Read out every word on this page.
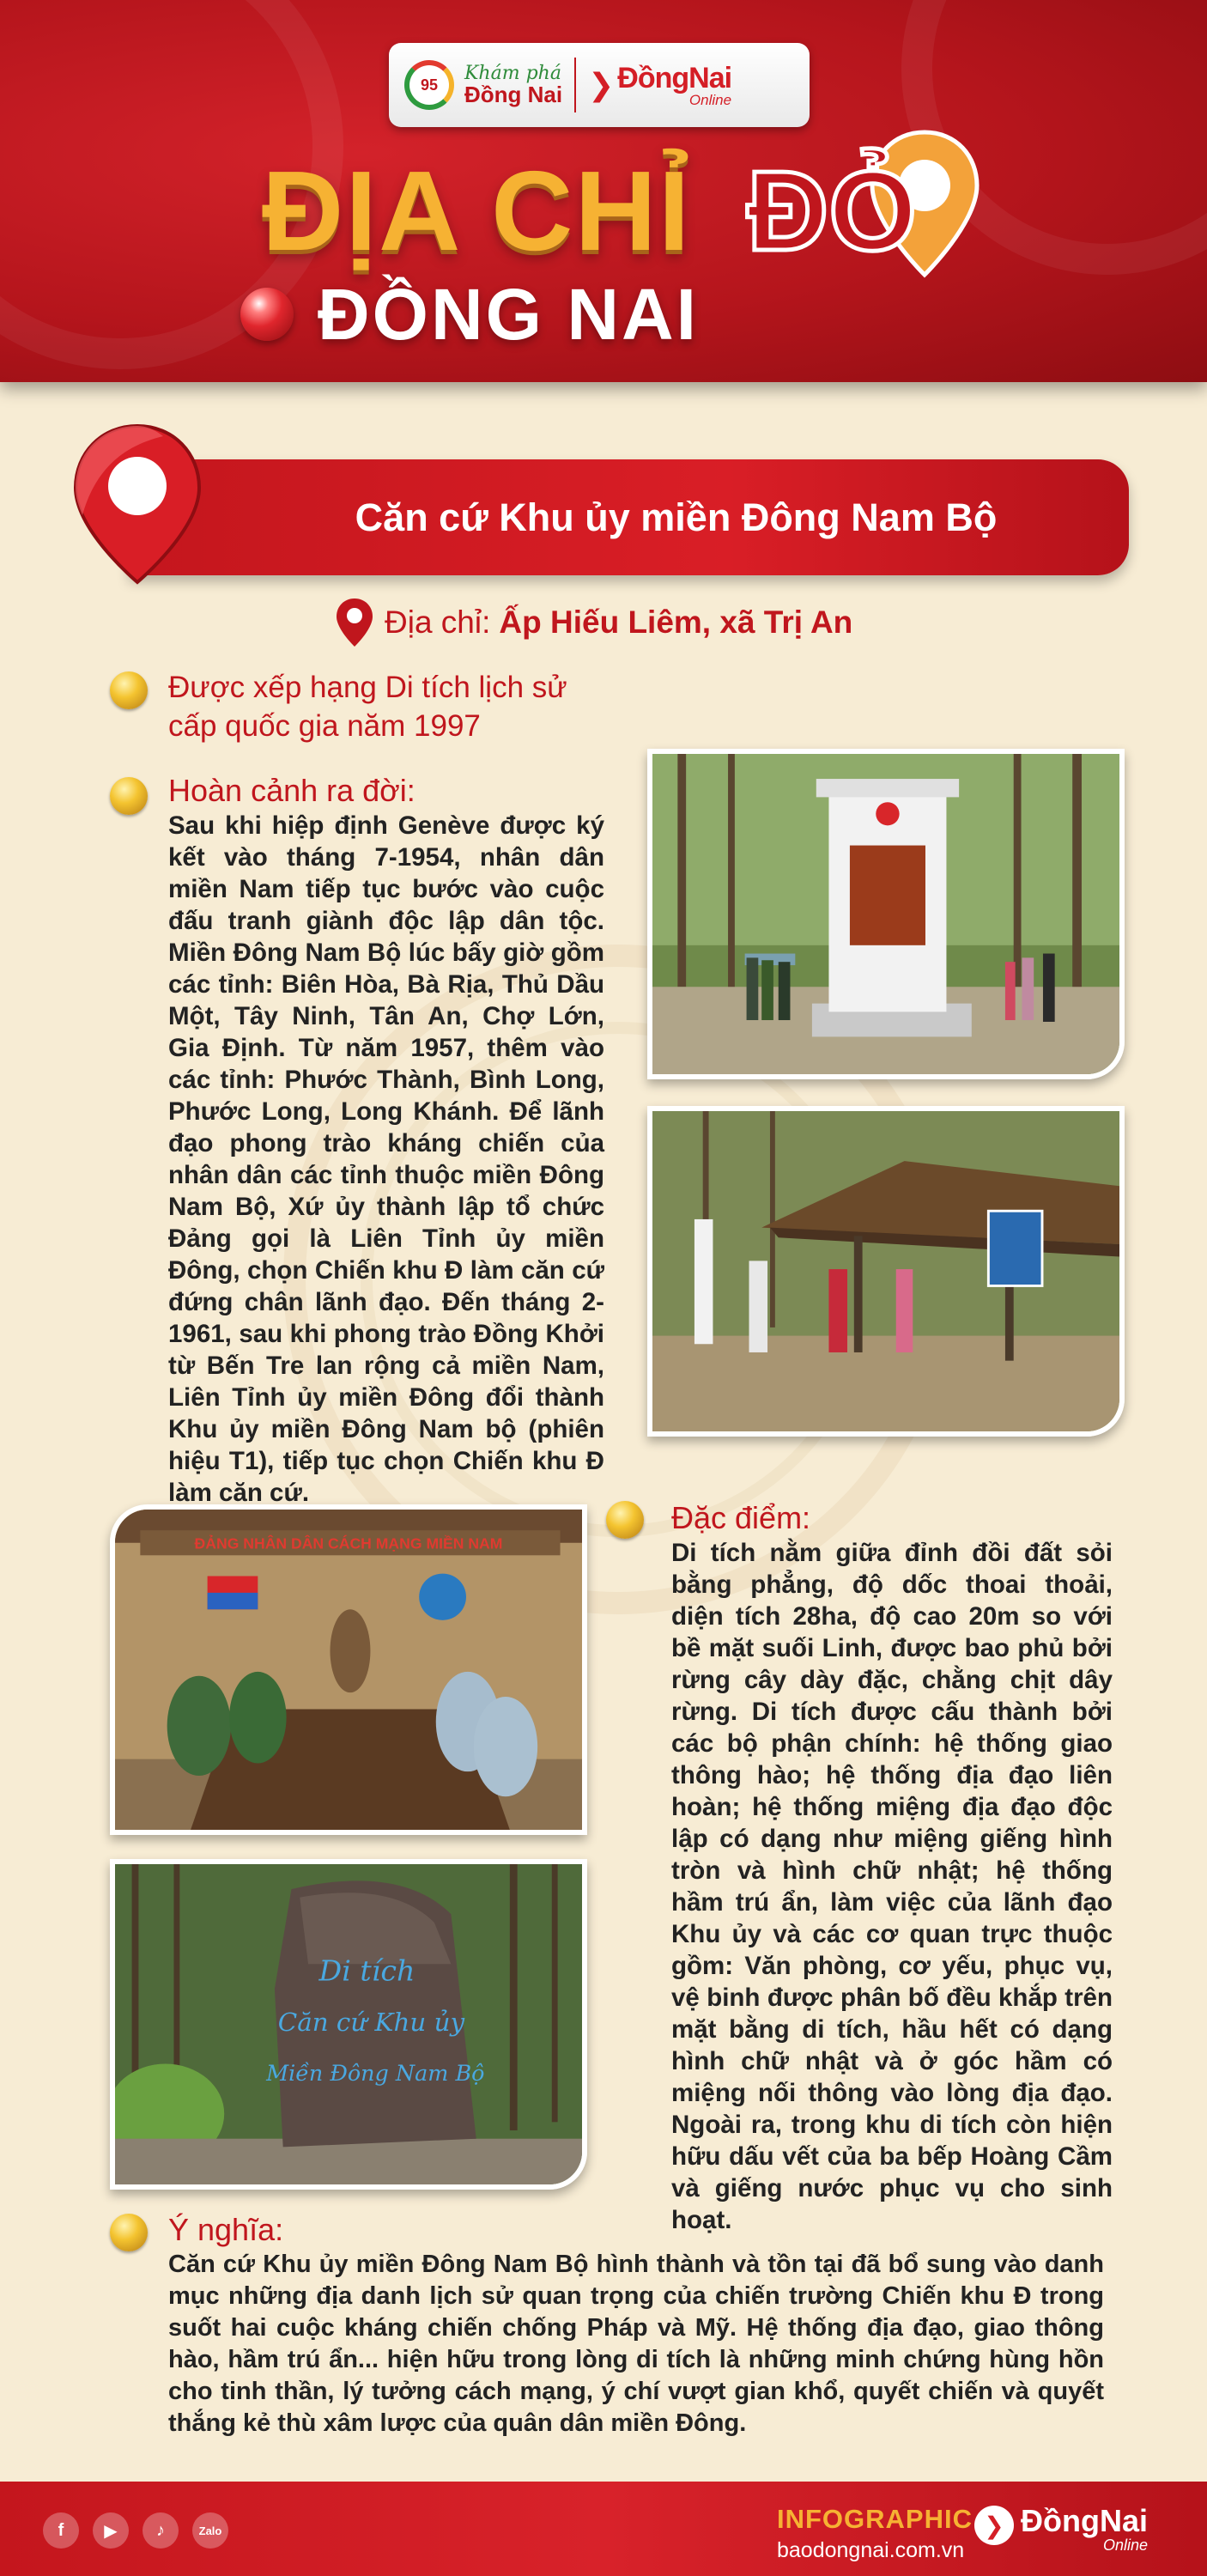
95
Khám phá
Đồng Nai ❯ ĐồngNai
Online
ĐỊA CHỈ ĐỎ
ĐỒNG NAI
Căn cứ Khu ủy miền Đông Nam Bộ
Địa chỉ: Ấp Hiếu Liêm, xã Trị An
Được xếp hạng Di tích lịch sử cấp quốc gia năm 1997
Hoàn cảnh ra đời:
Sau khi hiệp định Genève được ký kết vào tháng 7-1954, nhân dân miền Nam tiếp tục bước vào cuộc đấu tranh giành độc lập dân tộc. Miền Đông Nam Bộ lúc bấy giờ gồm các tỉnh: Biên Hòa, Bà Rịa, Thủ Dầu Một, Tây Ninh, Tân An, Chợ Lớn, Gia Định. Từ năm 1957, thêm vào các tỉnh: Phước Thành, Bình Long, Phước Long, Long Khánh. Để lãnh đạo phong trào kháng chiến của nhân dân các tỉnh thuộc miền Đông Nam Bộ, Xứ ủy thành lập tổ chức Đảng gọi là Liên Tỉnh ủy miền Đông, chọn Chiến khu Đ làm căn cứ đứng chân lãnh đạo. Đến tháng 2-1961, sau khi phong trào Đồng Khởi từ Bến Tre lan rộng cả miền Nam, Liên Tỉnh ủy miền Đông đổi thành Khu ủy miền Đông Nam bộ (phiên hiệu T1), tiếp tục chọn Chiến khu Đ làm căn cứ.
ĐẢNG NHÂN DÂN CÁCH MẠNG MIỀN NAM
Di tích
Căn cứ Khu ủy
Miền Đông Nam Bộ
Đặc điểm:
Di tích nằm giữa đỉnh đồi đất sỏi bằng phẳng, độ dốc thoai thoải, diện tích 28ha, độ cao 20m so với bề mặt suối Linh, được bao phủ bởi rừng cây dày đặc, chằng chịt dây rừng. Di tích được cấu thành bởi các bộ phận chính: hệ thống giao thông hào; hệ thống địa đạo liên hoàn; hệ thống miệng địa đạo độc lập có dạng như miệng giếng hình tròn và hình chữ nhật; hệ thống hầm trú ẩn, làm việc của lãnh đạo Khu ủy và các cơ quan trực thuộc gồm: Văn phòng, cơ yếu, phục vụ, vệ binh được phân bố đều khắp trên mặt bằng di tích, hầu hết có dạng hình chữ nhật và ở góc hầm có miệng nối thông vào lòng địa đạo. Ngoài ra, trong khu di tích còn hiện hữu dấu vết của ba bếp Hoàng Cầm và giếng nước phục vụ cho sinh hoạt.
Ý nghĩa:
Căn cứ Khu ủy miền Đông Nam Bộ hình thành và tồn tại đã bổ sung vào danh mục những địa danh lịch sử quan trọng của chiến trường Chiến khu Đ trong suốt hai cuộc kháng chiến chống Pháp và Mỹ. Hệ thống địa đạo, giao thông hào, hầm trú ẩn... hiện hữu trong lòng di tích là những minh chứng hùng hồn cho tinh thần, lý tưởng cách mạng, ý chí vượt gian khổ, quyết chiến và quyết thắng kẻ thù xâm lược của quân dân miền Đông.
f	▶	♪	Zalo	INFOGRAPHIC
baodongnai.com.vn
❯ ĐồngNai
Online
